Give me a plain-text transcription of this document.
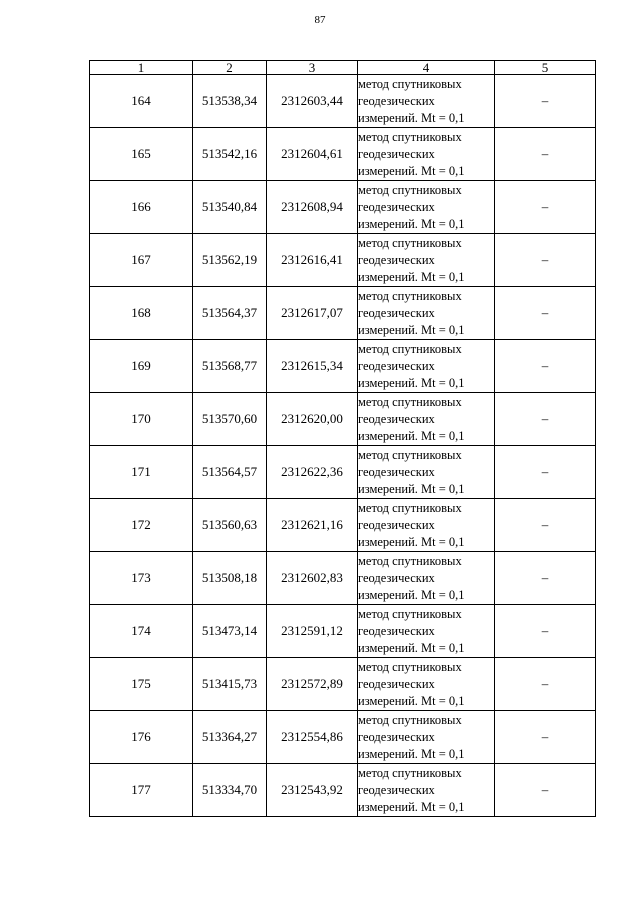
87
1	2	3	4	5
164	513538,34	2312603,44	метод спутниковых
геодезических
измерений. Mt = 0,1	–
165	513542,16	2312604,61	метод спутниковых
геодезических
измерений. Mt = 0,1	–
166	513540,84	2312608,94	метод спутниковых
геодезических
измерений. Mt = 0,1	–
167	513562,19	2312616,41	метод спутниковых
геодезических
измерений. Mt = 0,1	–
168	513564,37	2312617,07	метод спутниковых
геодезических
измерений. Mt = 0,1	–
169	513568,77	2312615,34	метод спутниковых
геодезических
измерений. Mt = 0,1	–
170	513570,60	2312620,00	метод спутниковых
геодезических
измерений. Mt = 0,1	–
171	513564,57	2312622,36	метод спутниковых
геодезических
измерений. Mt = 0,1	–
172	513560,63	2312621,16	метод спутниковых
геодезических
измерений. Mt = 0,1	–
173	513508,18	2312602,83	метод спутниковых
геодезических
измерений. Mt = 0,1	–
174	513473,14	2312591,12	метод спутниковых
геодезических
измерений. Mt = 0,1	–
175	513415,73	2312572,89	метод спутниковых
геодезических
измерений. Mt = 0,1	–
176	513364,27	2312554,86	метод спутниковых
геодезических
измерений. Mt = 0,1	–
177	513334,70	2312543,92	метод спутниковых
геодезических
измерений. Mt = 0,1	–
